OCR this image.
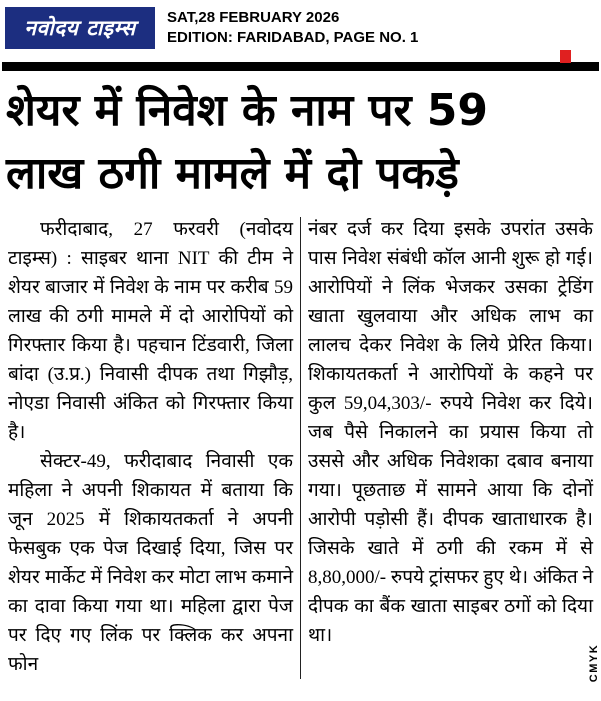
नवोदय टाइम्स SAT,28 FEBRUARY 2026
EDITION: FARIDABAD, PAGE NO. 1
शेयर में निवेश के नाम पर 59
लाख ठगी मामले में दो पकड़े

फरीदाबाद, 27 फरवरी (नवोदय टाइम्स) : साइबर थाना NIT की टीम ने शेयर बाजार में निवेश के नाम पर करीब 59 लाख की ठगी मामले में दो आरोपियों को गिरफ्तार किया है। पहचान टिंडवारी, जिला बांदा (उ.प्र.) निवासी दीपक तथा गिझौड़, नोएडा निवासी अंकित को गिरफ्तार किया है।

सेक्टर-49, फरीदाबाद निवासी एक महिला ने अपनी शिकायत में बताया कि जून 2025 में शिकायतकर्ता ने अपनी फेसबुक एक पेज दिखाई दिया, जिस पर शेयर मार्केट में निवेश कर मोटा लाभ कमाने का दावा किया गया था। महिला द्वारा पेज पर दिए गए लिंक पर क्लिक कर अपना फोन

नंबर दर्ज कर दिया इसके उपरांत उसके पास निवेश संबंधी कॉल आनी शुरू हो गई। आरोपियों ने लिंक भेजकर उसका ट्रेडिंग खाता खुलवाया और अधिक लाभ का लालच देकर निवेश के लिये प्रेरित किया। शिकायतकर्ता ने आरोपियों के कहने पर कुल 59,04,303/- रुपये निवेश कर दिये। जब पैसे निकालने का प्रयास किया तो उससे और अधिक निवेशका दबाव बनाया गया। पूछताछ में सामने आया कि दोनों आरोपी पड़ोसी हैं। दीपक खाताधारक है। जिसके खाते में ठगी की रकम में से 8,80,000/- रुपये ट्रांसफर हुए थे। अंकित ने दीपक का बैंक खाता साइबर ठगों को दिया था।

CMYK
